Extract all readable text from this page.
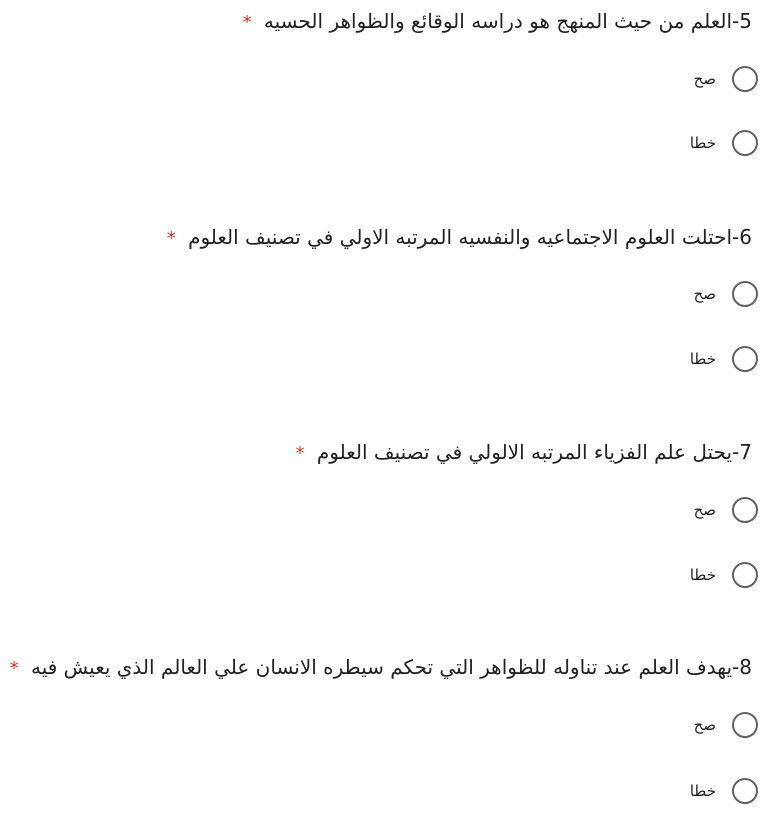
5-العلم من حيث المنهج هو دراسه الوقائع والظواهر الحسيه *
صح
خطا
6-احتلت العلوم الاجتماعيه والنفسيه المرتبه الاولي في تصنيف العلوم *
صح
خطا
7-يحتل علم الفزياء المرتبه الالولي في تصنيف العلوم *
صح
خطا
8-يهدف العلم عند تناوله للظواهر التي تحكم سيطره الانسان علي العالم الذي يعيش فيه *
صح
خطا
